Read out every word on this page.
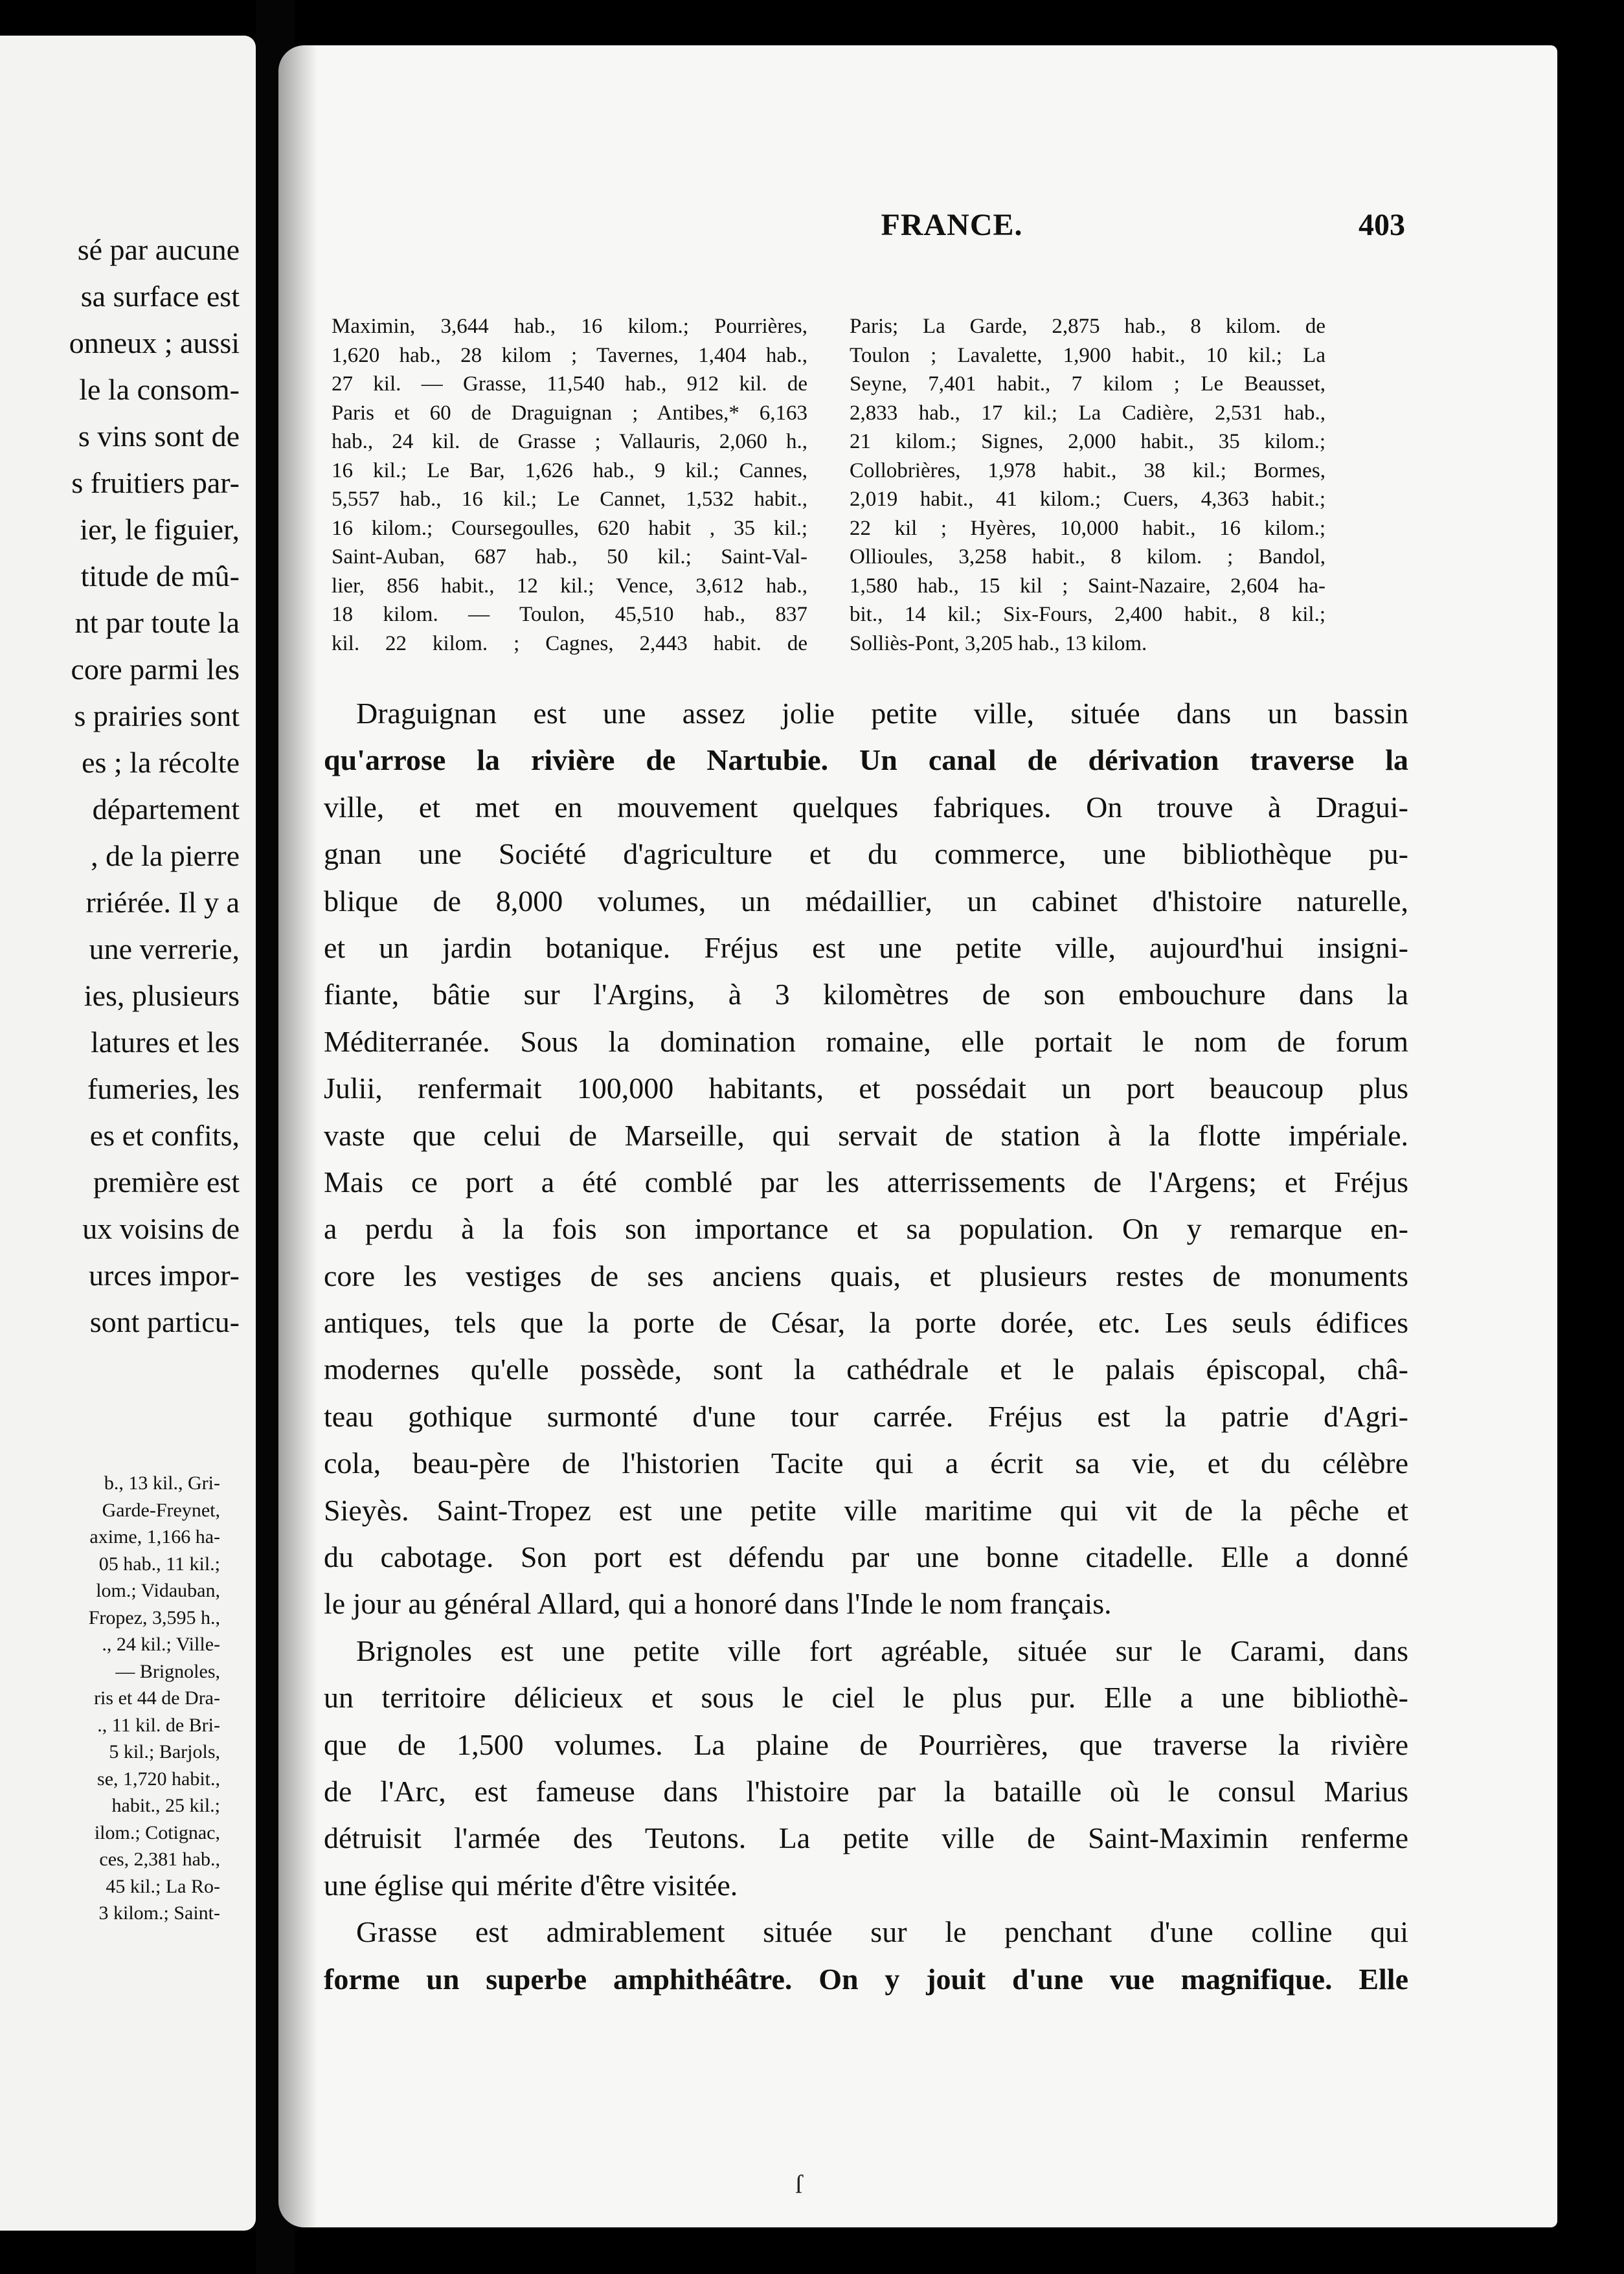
sé par aucune
sa surface est
onneux ; aussi
le la consom-
s vins sont de
s fruitiers par-
ier, le figuier,
titude de mû-
nt par toute la
core parmi les
s prairies sont
es ; la récolte
département
, de la pierre
rriérée. Il y a
une verrerie,
ies, plusieurs
latures et les
fumeries, les
es et confits,
première est
ux voisins de
urces impor-
sont particu-
b., 13 kil., Gri-
Garde-Freynet,
axime, 1,166 ha-
05 hab., 11 kil.;
lom.; Vidauban,
Fropez, 3,595 h.,
., 24 kil.; Ville-
— Brignoles,
ris et 44 de Dra-
., 11 kil. de Bri-
5 kil.; Barjols,
se, 1,720 habit.,
habit., 25 kil.;
ilom.; Cotignac,
ces, 2,381 hab.,
45 kil.; La Ro-
3 kilom.; Saint-
FRANCE.	403
Maximin, 3,644 hab., 16 kilom.; Pourrières,
1,620 hab., 28 kilom ; Tavernes, 1,404 hab.,
27 kil. — Grasse, 11,540 hab., 912 kil. de
Paris et 60 de Draguignan ; Antibes,* 6,163
hab., 24 kil. de Grasse ; Vallauris, 2,060 h.,
16 kil.; Le Bar, 1,626 hab., 9 kil.; Cannes,
5,557 hab., 16 kil.; Le Cannet, 1,532 habit.,
16 kilom.; Coursegoulles, 620 habit , 35 kil.;
Saint-Auban, 687 hab., 50 kil.; Saint-Val-
lier, 856 habit., 12 kil.; Vence, 3,612 hab.,
18 kilom. — Toulon, 45,510 hab., 837
kil. 22 kilom. ; Cagnes, 2,443 habit. de
Paris; La Garde, 2,875 hab., 8 kilom. de
Toulon ; Lavalette, 1,900 habit., 10 kil.; La
Seyne, 7,401 habit., 7 kilom ; Le Beausset,
2,833 hab., 17 kil.; La Cadière, 2,531 hab.,
21 kilom.; Signes, 2,000 habit., 35 kilom.;
Collobrières, 1,978 habit., 38 kil.; Bormes,
2,019 habit., 41 kilom.; Cuers, 4,363 habit.;
22 kil ; Hyères, 10,000 habit., 16 kilom.;
Ollioules, 3,258 habit., 8 kilom. ; Bandol,
1,580 hab., 15 kil ; Saint-Nazaire, 2,604 ha-
bit., 14 kil.; Six-Fours, 2,400 habit., 8 kil.;
Solliès-Pont, 3,205 hab., 13 kilom.
Draguignan est une assez jolie petite ville, située dans un bassin
qu'arrose la rivière de Nartubie. Un canal de dérivation traverse la
ville, et met en mouvement quelques fabriques. On trouve à Dragui-
gnan une Société d'agriculture et du commerce, une bibliothèque pu-
blique de 8,000 volumes, un médaillier, un cabinet d'histoire naturelle,
et un jardin botanique. Fréjus est une petite ville, aujourd'hui insigni-
fiante, bâtie sur l'Argins, à 3 kilomètres de son embouchure dans la
Méditerranée. Sous la domination romaine, elle portait le nom de forum
Julii, renfermait 100,000 habitants, et possédait un port beaucoup plus
vaste que celui de Marseille, qui servait de station à la flotte impériale.
Mais ce port a été comblé par les atterrissements de l'Argens; et Fréjus
a perdu à la fois son importance et sa population. On y remarque en-
core les vestiges de ses anciens quais, et plusieurs restes de monuments
antiques, tels que la porte de César, la porte dorée, etc. Les seuls édifices
modernes qu'elle possède, sont la cathédrale et le palais épiscopal, châ-
teau gothique surmonté d'une tour carrée. Fréjus est la patrie d'Agri-
cola, beau-père de l'historien Tacite qui a écrit sa vie, et du célèbre
Sieyès. Saint-Tropez est une petite ville maritime qui vit de la pêche et
du cabotage. Son port est défendu par une bonne citadelle. Elle a donné
le jour au général Allard, qui a honoré dans l'Inde le nom français.
Brignoles est une petite ville fort agréable, située sur le Carami, dans
un territoire délicieux et sous le ciel le plus pur. Elle a une bibliothè-
que de 1,500 volumes. La plaine de Pourrières, que traverse la rivière
de l'Arc, est fameuse dans l'histoire par la bataille où le consul Marius
détruisit l'armée des Teutons. La petite ville de Saint-Maximin renferme
une église qui mérite d'être visitée.
Grasse est admirablement située sur le penchant d'une colline qui
forme un superbe amphithéâtre. On y jouit d'une vue magnifique. Elle
ſ
